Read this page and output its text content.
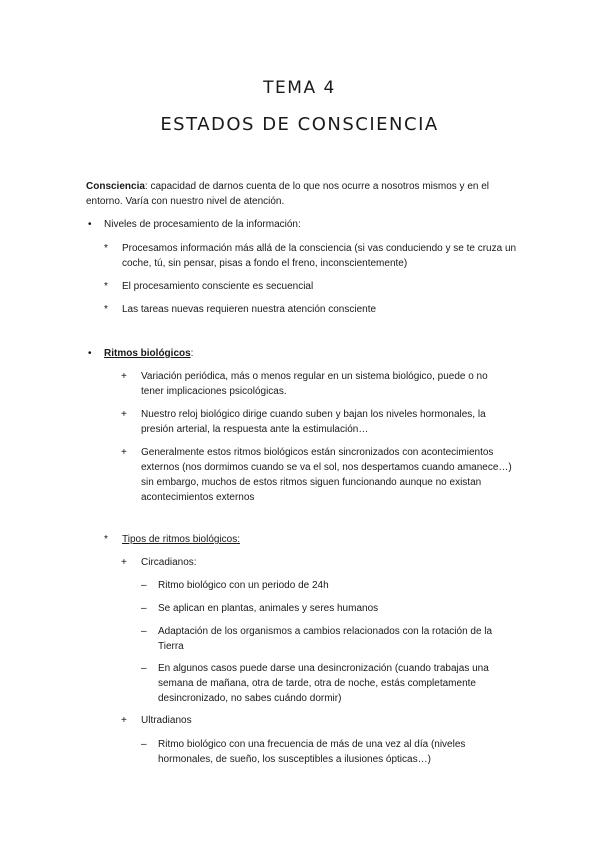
TEMA 4
ESTADOS DE CONSCIENCIA
Consciencia: capacidad de darnos cuenta de lo que nos ocurre a nosotros mismos y en el
entorno. Varía con nuestro nivel de atención.
• Niveles de procesamiento de la información:
* Procesamos información más allá de la consciencia (si vas conduciendo y se te cruza un
coche, tú, sin pensar, pisas a fondo el freno, inconscientemente)
* El procesamiento consciente es secuencial
* Las tareas nuevas requieren nuestra atención consciente
• Ritmos biológicos:
+ Variación periódica, más o menos regular en un sistema biológico, puede o no
tener implicaciones psicológicas.
+ Nuestro reloj biológico dirige cuando suben y bajan los niveles hormonales, la
presión arterial, la respuesta ante la estimulación…
+ Generalmente estos ritmos biológicos están sincronizados con acontecimientos
externos (nos dormimos cuando se va el sol, nos despertamos cuando amanece…)
sin embargo, muchos de estos ritmos siguen funcionando aunque no existan
acontecimientos externos
* Tipos de ritmos biológicos:
+ Circadianos:
– Ritmo biológico con un periodo de 24h
– Se aplican en plantas, animales y seres humanos
– Adaptación de los organismos a cambios relacionados con la rotación de la
Tierra
– En algunos casos puede darse una desincronización (cuando trabajas una
semana de mañana, otra de tarde, otra de noche, estás completamente
desincronizado, no sabes cuándo dormir)
+ Ultradianos
– Ritmo biológico con una frecuencia de más de una vez al día (niveles
hormonales, de sueño, los susceptibles a ilusiones ópticas…)
